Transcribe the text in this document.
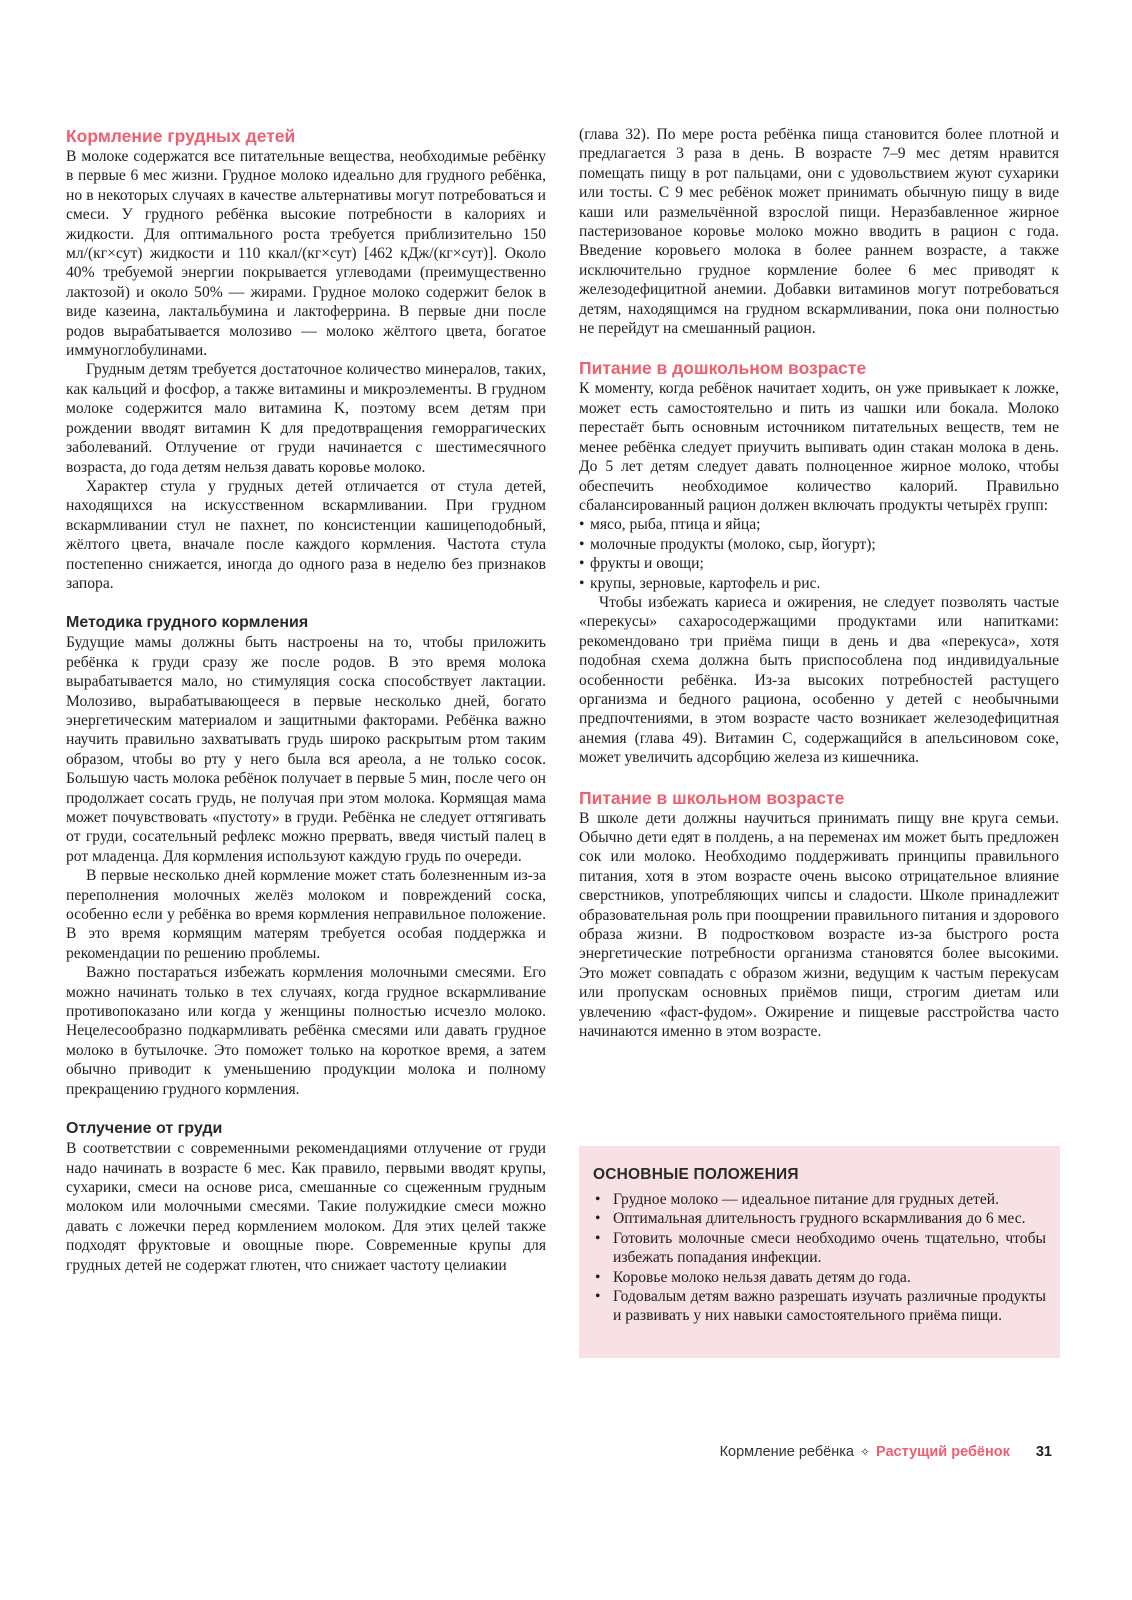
Кормление грудных детей

В молоке содержатся все питательные вещества, необходимые ребёнку в первые 6 мес жизни. Грудное молоко идеально для грудного ребёнка, но в некоторых случаях в качестве альтернативы могут потребоваться и смеси. У грудного ребёнка высокие потребности в калориях и жидкости. Для оптимального роста требуется приблизительно 150 мл/(кг×сут) жидкости и 110 ккал/(кг×сут) [462 кДж/(кг×сут)]. Около 40% требуемой энергии покрывается углеводами (преимущественно лактозой) и около 50% — жирами. Грудное молоко содержит белок в виде казеина, лактальбумина и лактоферрина. В первые дни после родов вырабатывается молозиво — молоко жёлтого цвета, богатое иммуноглобулинами.

Грудным детям требуется достаточное количество минералов, таких, как кальций и фосфор, а также витамины и микроэлементы. В грудном молоке содержится мало витамина K, поэтому всем детям при рождении вводят витамин K для предотвращения геморрагических заболеваний. Отлучение от груди начинается с шестимесячного возраста, до года детям нельзя давать коровье молоко.

Характер стула у грудных детей отличается от стула детей, находящихся на искусственном вскармливании. При грудном вскармливании стул не пахнет, по консистенции кашицеподобный, жёлтого цвета, вначале после каждого кормления. Частота стула постепенно снижается, иногда до одного раза в неделю без признаков запора.

Методика грудного кормления

Будущие мамы должны быть настроены на то, чтобы приложить ребёнка к груди сразу же после родов. В это время молока вырабатывается мало, но стимуляция соска способствует лактации. Молозиво, вырабатывающееся в первые несколько дней, богато энергетическим материалом и защитными факторами. Ребёнка важно научить правильно захватывать грудь широко раскрытым ртом таким образом, чтобы во рту у него была вся ареола, а не только сосок. Большую часть молока ребёнок получает в первые 5 мин, после чего он продолжает сосать грудь, не получая при этом молока. Кормящая мама может почувствовать «пустоту» в груди. Ребёнка не следует оттягивать от груди, сосательный рефлекс можно прервать, введя чистый палец в рот младенца. Для кормления используют каждую грудь по очереди.

В первые несколько дней кормление может стать болезненным из-за переполнения молочных желёз молоком и повреждений соска, особенно если у ребёнка во время кормления неправильное положение. В это время кормящим матерям требуется особая поддержка и рекомендации по решению проблемы.

Важно постараться избежать кормления молочными смесями. Его можно начинать только в тех случаях, когда грудное вскармливание противопоказано или когда у женщины полностью исчезло молоко. Нецелесообразно подкармливать ребёнка смесями или давать грудное молоко в бутылочке. Это поможет только на короткое время, а затем обычно приводит к уменьшению продукции молока и полному прекращению грудного кормления.

Отлучение от груди

В соответствии с современными рекомендациями отлучение от груди надо начинать в возрасте 6 мес. Как правило, первыми вводят крупы, сухарики, смеси на основе риса, смешанные со сцеженным грудным молоком или молочными смесями. Такие полужидкие смеси можно давать с ложечки перед кормлением молоком. Для этих целей также подходят фруктовые и овощные пюре. Современные крупы для грудных детей не содержат глютен, что снижает частоту целиакии

(глава 32). По мере роста ребёнка пища становится более плотной и предлагается 3 раза в день. В возрасте 7–9 мес детям нравится помещать пищу в рот пальцами, они с удовольствием жуют сухарики или тосты. С 9 мес ребёнок может принимать обычную пищу в виде каши или размельчённой взрослой пищи. Неразбавленное жирное пастеризованое коровье молоко можно вводить в рацион с года. Введение коровьего молока в более раннем возрасте, а также исключительно грудное кормление более 6 мес приводят к железодефицитной анемии. Добавки витаминов могут потребоваться детям, находящимся на грудном вскармливании, пока они полностью не перейдут на смешанный рацион.

Питание в дошкольном возрасте

К моменту, когда ребёнок начитает ходить, он уже привыкает к ложке, может есть самостоятельно и пить из чашки или бокала. Молоко перестаёт быть основным источником питательных веществ, тем не менее ребёнка следует приучить выпивать один стакан молока в день. До 5 лет детям следует давать полноценное жирное молоко, чтобы обеспечить необходимое количество калорий. Правильно сбалансированный рацион должен включать продукты четырёх групп:

• мясо, рыба, птица и яйца;
• молочные продукты (молоко, сыр, йогурт);
• фрукты и овощи;
• крупы, зерновые, картофель и рис.

Чтобы избежать кариеса и ожирения, не следует позволять частые «перекусы» сахаросодержащими продуктами или напитками: рекомендовано три приёма пищи в день и два «перекуса», хотя подобная схема должна быть приспособлена под индивидуальные особенности ребёнка. Из-за высоких потребностей растущего организма и бедного рациона, особенно у детей с необычными предпочтениями, в этом возрасте часто возникает железодефицитная анемия (глава 49). Витамин C, содержащийся в апельсиновом соке, может увеличить адсорбцию железа из кишечника.

Питание в школьном возрасте

В школе дети должны научиться принимать пищу вне круга семьи. Обычно дети едят в полдень, а на переменах им может быть предложен сок или молоко. Необходимо поддерживать принципы правильного питания, хотя в этом возрасте очень высоко отрицательное влияние сверстников, употребляющих чипсы и сладости. Школе принадлежит образовательная роль при поощрении правильного питания и здорового образа жизни. В подростковом возрасте из-за быстрого роста энергетические потребности организма становятся более высокими. Это может совпадать с образом жизни, ведущим к частым перекусам или пропускам основных приёмов пищи, строгим диетам или увлечению «фаст-фудом». Ожирение и пищевые расстройства часто начинаются именно в этом возрасте.

ОСНОВНЫЕ ПОЛОЖЕНИЯ
• Грудное молоко — идеальное питание для грудных детей.
• Оптимальная длительность грудного вскармливания до 6 мес.
• Готовить молочные смеси необходимо очень тщательно, чтобы избежать попадания инфекции.
• Коровье молоко нельзя давать детям до года.
• Годовалым детям важно разрешать изучать различные продукты и развивать у них навыки самостоятельного приёма пищи.
Кормление ребёнка ✧ Растущий ребёнок 31
